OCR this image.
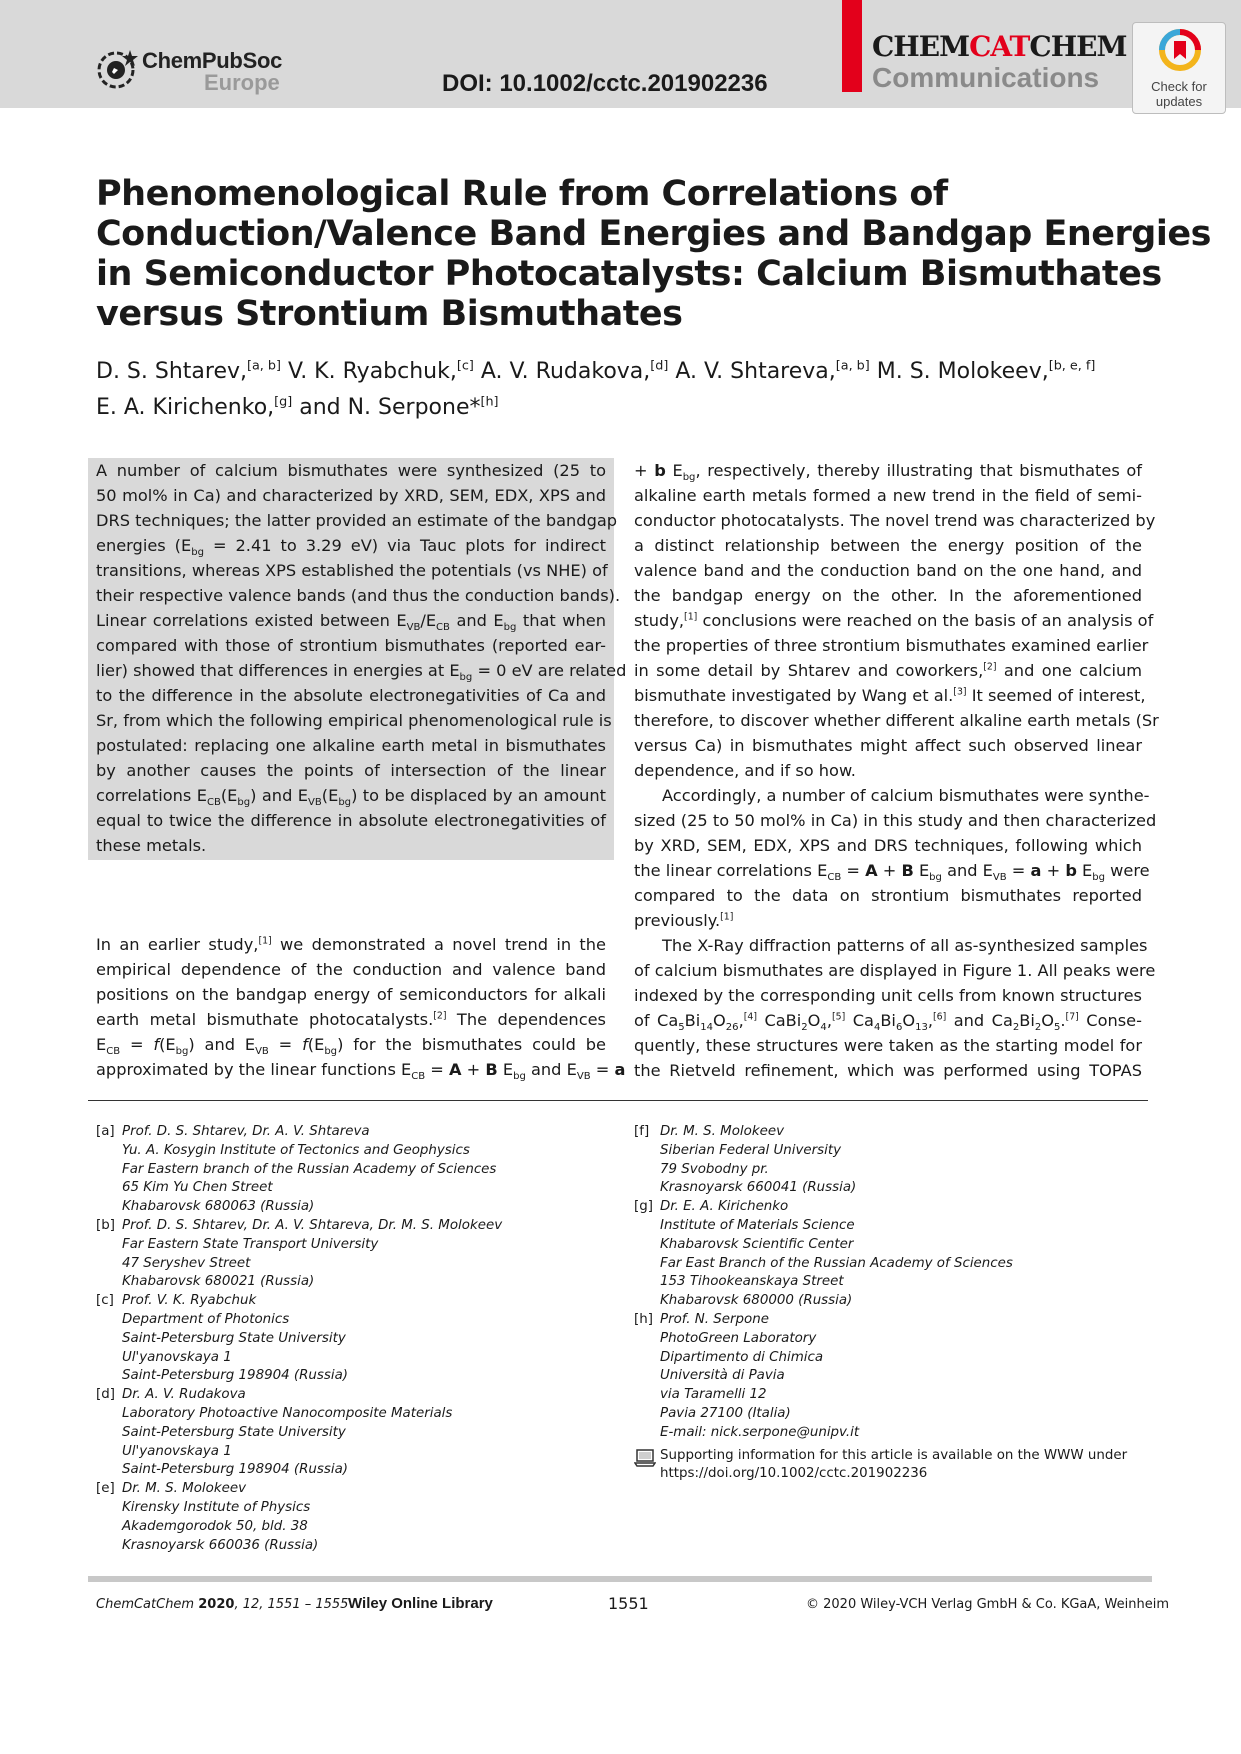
ChemPubSoc
Europe	DOI: 10.1002/cctc.201902236
CHEMCATCHEM
Communications	Check for
updates
Phenomenological Rule from Correlations of
Conduction/Valence Band Energies and Bandgap Energies
in Semiconductor Photocatalysts: Calcium Bismuthates
versus Strontium Bismuthates
D. S. Shtarev,[a, b] V. K. Ryabchuk,[c] A. V. Rudakova,[d] A. V. Shtareva,[a, b] M. S. Molokeev,[b, e, f]
E. A. Kirichenko,[g] and N. Serpone*[h]
A number of calcium bismuthates were synthesized (25 to
50 mol% in Ca) and characterized by XRD, SEM, EDX, XPS and
DRS techniques; the latter provided an estimate of the bandgap
energies ($E_{bg} = 2.41$ to 3.29 eV) via Tauc plots for indirect
transitions, whereas XPS established the potentials (vs NHE) of
their respective valence bands (and thus the conduction bands).
Linear correlations existed between $E_{VB}/E_{CB}$ and $E_{bg}$ that when
compared with those of strontium bismuthates (reported ear-
lier) showed that differences in energies at $E_{bg} = 0$ eV are related
to the difference in the absolute electronegativities of Ca and
Sr, from which the following empirical phenomenological rule is
postulated: replacing one alkaline earth metal in bismuthates
by another causes the points of intersection of the linear
correlations $E_{CB}(E_{bg})$ and $E_{VB}(E_{bg})$ to be displaced by an amount
equal to twice the difference in absolute electronegativities of
these metals.
In an earlier study,[1] we demonstrated a novel trend in the
empirical dependence of the conduction and valence band
positions on the bandgap energy of semiconductors for alkali
earth metal bismuthate photocatalysts.[2] The dependences
$E_{CB} = f(E_{bg})$ and $E_{VB} = f(E_{bg})$ for the bismuthates could be
approximated by the linear functions $E_{CB} = A + B$ $E_{bg}$ and $E_{VB} = a$
+ b $E_{bg}$, respectively, thereby illustrating that bismuthates of
alkaline earth metals formed a new trend in the field of semi-
conductor photocatalysts. The novel trend was characterized by
a distinct relationship between the energy position of the
valence band and the conduction band on the one hand, and
the bandgap energy on the other. In the aforementioned
study,[1] conclusions were reached on the basis of an analysis of
the properties of three strontium bismuthates examined earlier
in some detail by Shtarev and coworkers,[2] and one calcium
bismuthate investigated by Wang et al.[3] It seemed of interest,
therefore, to discover whether different alkaline earth metals (Sr
versus Ca) in bismuthates might affect such observed linear
dependence, and if so how.
Accordingly, a number of calcium bismuthates were synthe-
sized (25 to 50 mol% in Ca) in this study and then characterized
by XRD, SEM, EDX, XPS and DRS techniques, following which
the linear correlations $E_{CB} = A + B$ $E_{bg}$ and $E_{VB} = a + b$ $E_{bg}$ were
compared to the data on strontium bismuthates reported
previously.[1]
The X-Ray diffraction patterns of all as-synthesized samples
of calcium bismuthates are displayed in Figure 1. All peaks were
indexed by the corresponding unit cells from known structures
of $Ca_5Bi_{14}O_{26},[4]$ $CaBi_2O_4,[5]$ $Ca_4Bi_6O_{13},[6]$ and $Ca_2Bi_2O_5.[7]$ Conse-
quently, these structures were taken as the starting model for
the Rietveld refinement, which was performed using TOPAS
[a] Prof. D. S. Shtarev, Dr. A. V. Shtareva
Yu. A. Kosygin Institute of Tectonics and Geophysics
Far Eastern branch of the Russian Academy of Sciences
65 Kim Yu Chen Street
Khabarovsk 680063 (Russia)
[b] Prof. D. S. Shtarev, Dr. A. V. Shtareva, Dr. M. S. Molokeev
Far Eastern State Transport University
47 Seryshev Street
Khabarovsk 680021 (Russia)
[c] Prof. V. K. Ryabchuk
Department of Photonics
Saint-Petersburg State University
Ul'yanovskaya 1
Saint-Petersburg 198904 (Russia)
[d] Dr. A. V. Rudakova
Laboratory Photoactive Nanocomposite Materials
Saint-Petersburg State University
Ul'yanovskaya 1
Saint-Petersburg 198904 (Russia)
[e] Dr. M. S. Molokeev
Kirensky Institute of Physics
Akademgorodok 50, bld. 38
Krasnoyarsk 660036 (Russia)
[f] Dr. M. S. Molokeev
Siberian Federal University
79 Svobodny pr.
Krasnoyarsk 660041 (Russia)
[g] Dr. E. A. Kirichenko
Institute of Materials Science
Khabarovsk Scientific Center
Far East Branch of the Russian Academy of Sciences
153 Tihookeanskaya Street
Khabarovsk 680000 (Russia)
[h] Prof. N. Serpone
PhotoGreen Laboratory
Dipartimento di Chimica
Università di Pavia
via Taramelli 12
Pavia 27100 (Italia)
E-mail: nick.serpone@unipv.it
Supporting information for this article is available on the WWW under
https://doi.org/10.1002/cctc.201902236
ChemCatChem 2020, 12, 1551 – 1555 Wiley Online Library	1551	© 2020 Wiley-VCH Verlag GmbH & Co. KGaA, Weinheim
